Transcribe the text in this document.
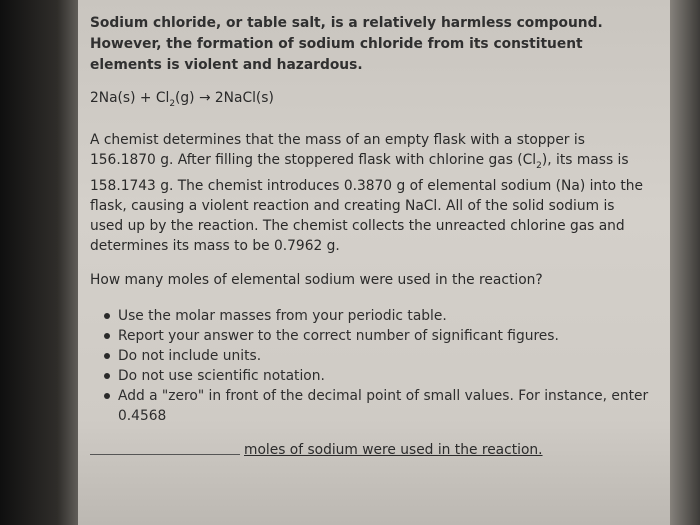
Sodium chloride, or table salt, is a relatively harmless compound. However, the formation of sodium chloride from its constituent elements is violent and hazardous.

$2Na(s) + Cl_2(g)$ → 2NaCl(s)

A chemist determines that the mass of an empty flask with a stopper is 156.1870 g. After filling the stoppered flask with chlorine gas $(Cl_2)$, its mass is 158.1743 g. The chemist introduces 0.3870 g of elemental sodium (Na) into the flask, causing a violent reaction and creating NaCl. All of the solid sodium is used up by the reaction. The chemist collects the unreacted chlorine gas and determines its mass to be 0.7962 g.

How many moles of elemental sodium were used in the reaction?

Use the molar masses from your periodic table.
Report your answer to the correct number of significant figures.
Do not include units.
Do not use scientific notation.
Add a "zero" in front of the decimal point of small values. For instance, enter 0.4568
moles of sodium were used in the reaction.
